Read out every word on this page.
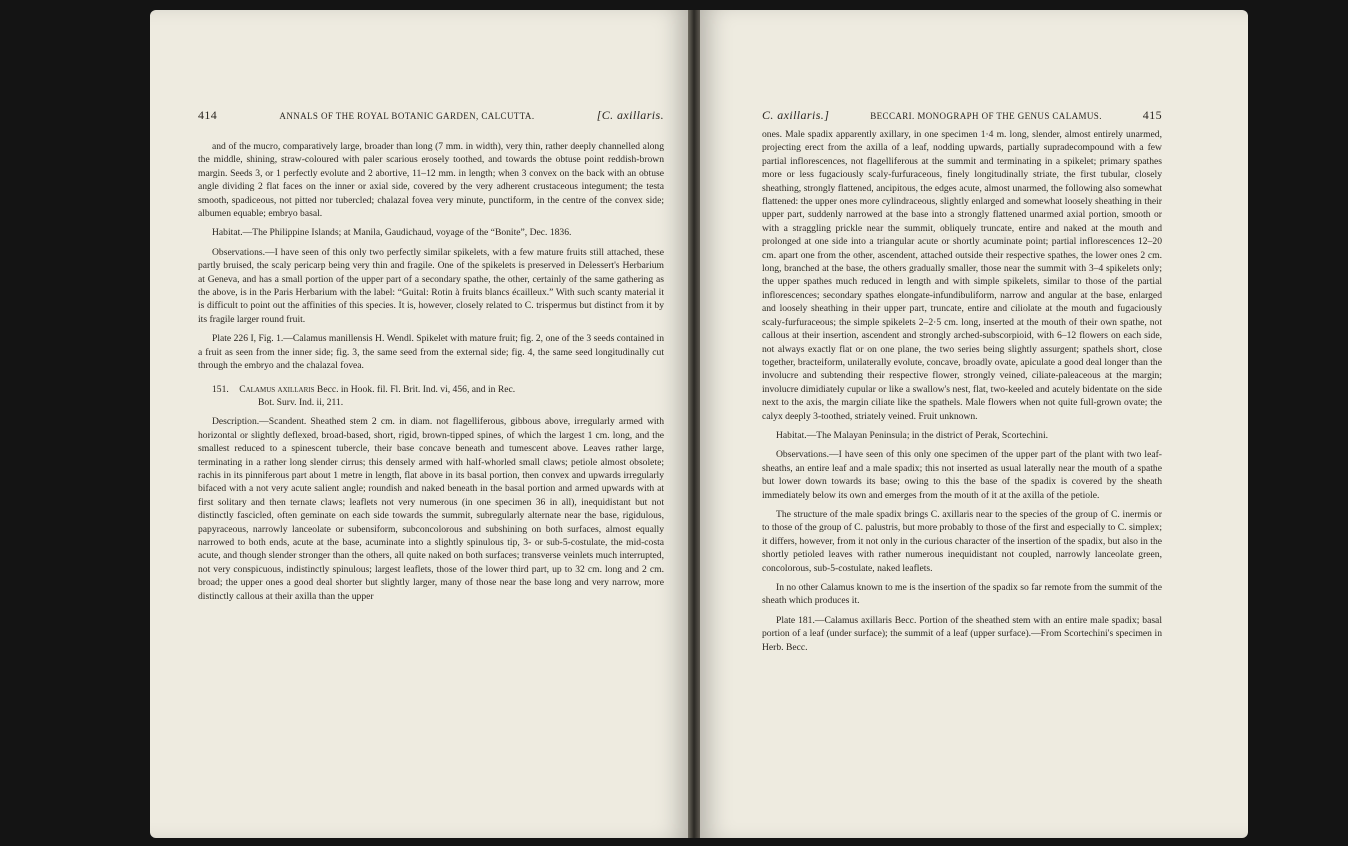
414	ANNALS OF THE ROYAL BOTANIC GARDEN, CALCUTTA.	[C. axillaris.

and of the mucro, comparatively large, broader than long (7 mm. in width), very thin, rather deeply channelled along the middle, shining, straw-coloured with paler scarious erosely toothed, and towards the obtuse point reddish-brown margin. Seeds 3, or 1 perfectly evolute and 2 abortive, 11–12 mm. in length; when 3 convex on the back with an obtuse angle dividing 2 flat faces on the inner or axial side, covered by the very adherent crustaceous integument; the testa smooth, spadiceous, not pitted nor tubercled; chalazal fovea very minute, punctiform, in the centre of the convex side; albumen equable; embryo basal.

Habitat.—The Philippine Islands; at Manila, Gaudichaud, voyage of the “Bonite”, Dec. 1836.

Observations.—I have seen of this only two perfectly similar spikelets, with a few mature fruits still attached, these partly bruised, the scaly pericarp being very thin and fragile. One of the spikelets is preserved in Delessert's Herbarium at Geneva, and has a small portion of the upper part of a secondary spathe, the other, certainly of the same gathering as the above, is in the Paris Herbarium with the label: “Guital: Rotin à fruits blancs écailleux.” With such scanty material it is difficult to point out the affinities of this species. It is, however, closely related to C. trispermus but distinct from it by its fragile larger round fruit.

Plate 226 I, Fig. 1.—Calamus manillensis H. Wendl. Spikelet with mature fruit; fig. 2, one of the 3 seeds contained in a fruit as seen from the inner side; fig. 3, the same seed from the external side; fig. 4, the same seed longitudinally cut through the embryo and the chalazal fovea.

151. Calamus axillaris Becc. in Hook. fil. Fl. Brit. Ind. vi, 456, and in Rec.

Bot. Surv. Ind. ii, 211.

Description.—Scandent. Sheathed stem 2 cm. in diam. not flagelliferous, gibbous above, irregularly armed with horizontal or slightly deflexed, broad-based, short, rigid, brown-tipped spines, of which the largest 1 cm. long, and the smallest reduced to a spinescent tubercle, their base concave beneath and tumescent above. Leaves rather large, terminating in a rather long slender cirrus; this densely armed with half-whorled small claws; petiole almost obsolete; rachis in its pinniferous part about 1 metre in length, flat above in its basal portion, then convex and upwards irregularly bifaced with a not very acute salient angle; roundish and naked beneath in the basal portion and armed upwards with at first solitary and then ternate claws; leaflets not very numerous (in one specimen 36 in all), inequidistant but not distinctly fascicled, often geminate on each side towards the summit, subregularly alternate near the base, rigidulous, papyraceous, narrowly lanceolate or subensiform, subconcolorous and subshining on both surfaces, almost equally narrowed to both ends, acute at the base, acuminate into a slightly spinulous tip, 3- or sub-5-costulate, the mid-costa acute, and though slender stronger than the others, all quite naked on both surfaces; transverse veinlets much interrupted, not very conspicuous, indistinctly spinulous; largest leaflets, those of the lower third part, up to 32 cm. long and 2 cm. broad; the upper ones a good deal shorter but slightly larger, many of those near the base long and very narrow, more distinctly callous at their axilla than the upper

C. axillaris.]	BECCARI. MONOGRAPH OF THE GENUS CALAMUS.	415

ones. Male spadix apparently axillary, in one specimen 1·4 m. long, slender, almost entirely unarmed, projecting erect from the axilla of a leaf, nodding upwards, partially supradecompound with a few partial inflorescences, not flagelliferous at the summit and terminating in a spikelet; primary spathes more or less fugaciously scaly-furfuraceous, finely longitudinally striate, the first tubular, closely sheathing, strongly flattened, ancipitous, the edges acute, almost unarmed, the following also somewhat flattened: the upper ones more cylindraceous, slightly enlarged and somewhat loosely sheathing in their upper part, suddenly narrowed at the base into a strongly flattened unarmed axial portion, smooth or with a straggling prickle near the summit, obliquely truncate, entire and naked at the mouth and prolonged at one side into a triangular acute or shortly acuminate point; partial inflorescences 12–20 cm. apart one from the other, ascendent, attached outside their respective spathes, the lower ones 2 cm. long, branched at the base, the others gradually smaller, those near the summit with 3–4 spikelets only; the upper spathes much reduced in length and with simple spikelets, similar to those of the partial inflorescences; secondary spathes elongate-infundibuliform, narrow and angular at the base, enlarged and loosely sheathing in their upper part, truncate, entire and ciliolate at the mouth and fugaciously scaly-furfuraceous; the simple spikelets 2–2·5 cm. long, inserted at the mouth of their own spathe, not callous at their insertion, ascendent and strongly arched-subscorpioid, with 6–12 flowers on each side, not always exactly flat or on one plane, the two series being slightly assurgent; spathels short, close together, bracteiform, unilaterally evolute, concave, broadly ovate, apiculate a good deal longer than the involucre and subtending their respective flower, strongly veined, ciliate-paleaceous at the margin; involucre dimidiately cupular or like a swallow's nest, flat, two-keeled and acutely bidentate on the side next to the axis, the margin ciliate like the spathels. Male flowers when not quite full-grown ovate; the calyx deeply 3-toothed, striately veined. Fruit unknown.

Habitat.—The Malayan Peninsula; in the district of Perak, Scortechini.

Observations.—I have seen of this only one specimen of the upper part of the plant with two leaf-sheaths, an entire leaf and a male spadix; this not inserted as usual laterally near the mouth of a spathe but lower down towards its base; owing to this the base of the spadix is covered by the sheath immediately below its own and emerges from the mouth of it at the axilla of the petiole.

The structure of the male spadix brings C. axillaris near to the species of the group of C. inermis or to those of the group of C. palustris, but more probably to those of the first and especially to C. simplex; it differs, however, from it not only in the curious character of the insertion of the spadix, but also in the shortly petioled leaves with rather numerous inequidistant not coupled, narrowly lanceolate green, concolorous, sub-5-costulate, naked leaflets.

In no other Calamus known to me is the insertion of the spadix so far remote from the summit of the sheath which produces it.

Plate 181.—Calamus axillaris Becc. Portion of the sheathed stem with an entire male spadix; basal portion of a leaf (under surface); the summit of a leaf (upper surface).—From Scortechini's specimen in Herb. Becc.
